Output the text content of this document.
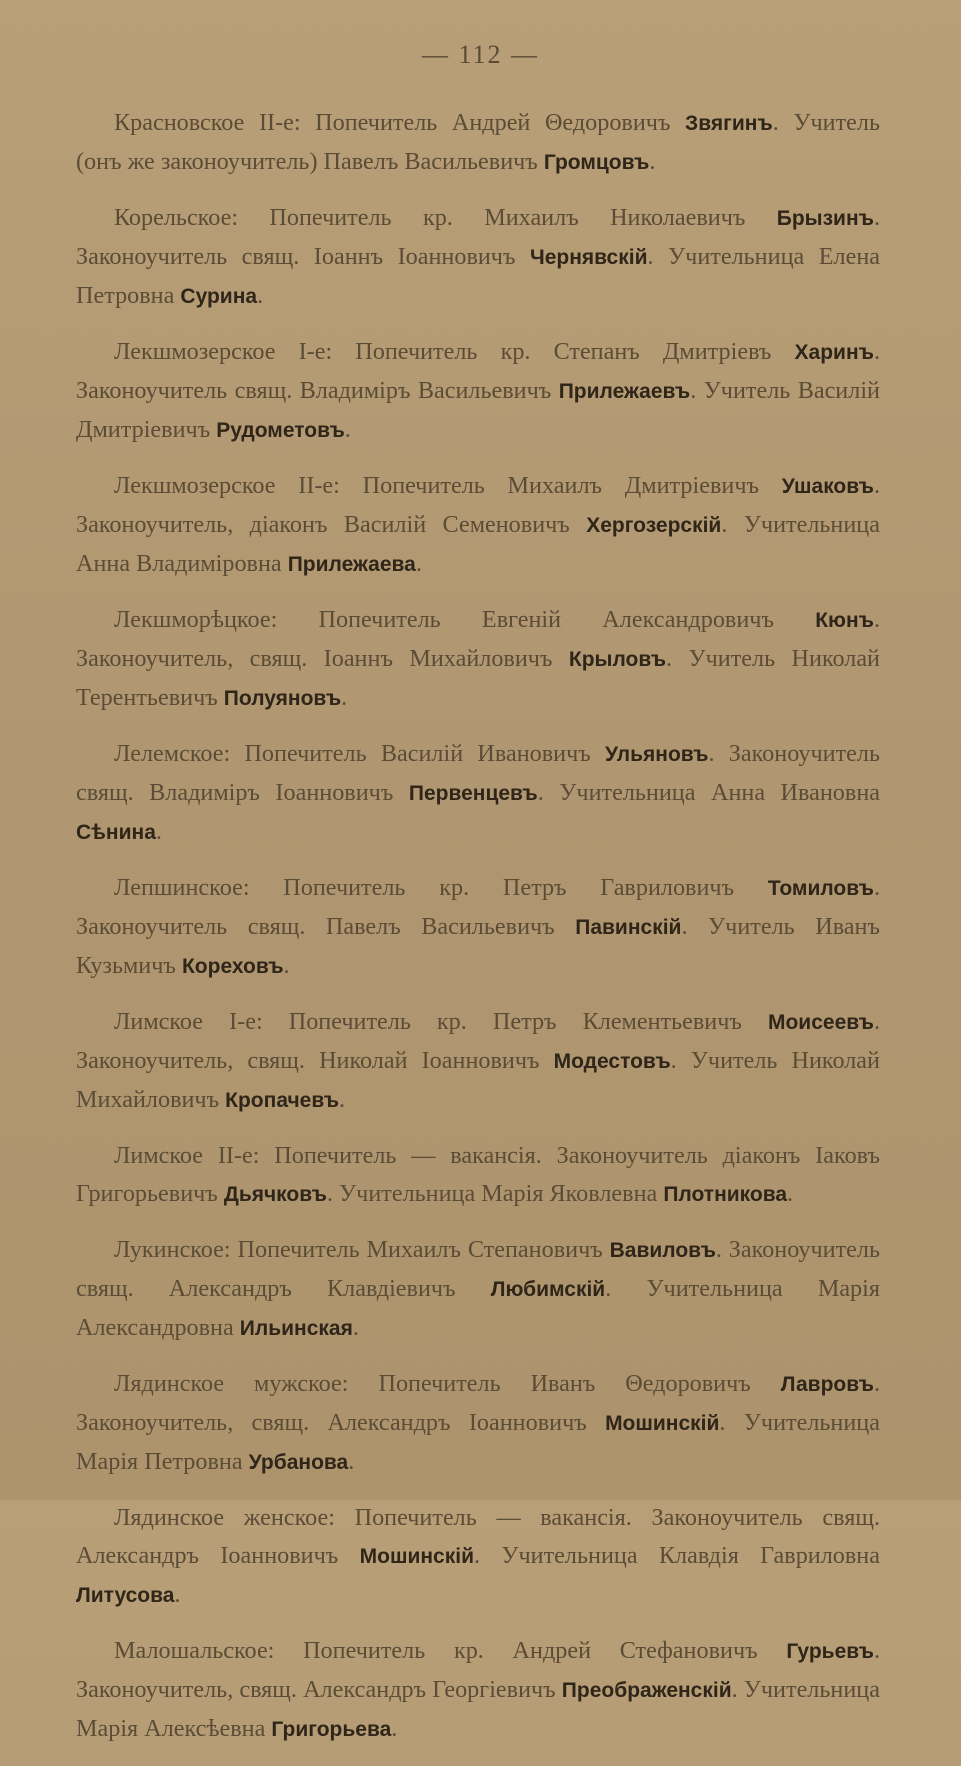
— 112 —

Красновское II-е: Попечитель Андрей Θедоровичъ Звягинъ. Учитель (онъ же законоучитель) Павелъ Васильевичъ Громцовъ.

Корельское: Попечитель кр. Михаилъ Николаевичъ Брызинъ. Законоучитель свящ. Іоаннъ Іоанновичъ Чернявскій. Учительница Елена Петровна Сурина.

Лекшмозерское I-е: Попечитель кр. Степанъ Дмитріевъ Харинъ. Законоучитель свящ. Владиміръ Васильевичъ Прилежаевъ. Учитель Василій Дмитріевичъ Рудометовъ.

Лекшмозерское II-е: Попечитель Михаилъ Дмитріевичъ Ушаковъ. Законоучитель, діаконъ Василій Семеновичъ Хергозерскій. Учительница Анна Владиміровна Прилежаева.

Лекшморѣцкое: Попечитель Евгеній Александровичъ Кюнъ. Законоучитель, свящ. Іоаннъ Михайловичъ Крыловъ. Учитель Николай Терентьевичъ Полуяновъ.

Лелемское: Попечитель Василій Ивановичъ Ульяновъ. Законоучитель свящ. Владиміръ Іоанновичъ Первенцевъ. Учительница Анна Ивановна Сѣнина.

Лепшинское: Попечитель кр. Петръ Гавриловичъ Томиловъ. Законоучитель свящ. Павелъ Васильевичъ Павинскій. Учитель Иванъ Кузьмичъ Кореховъ.

Лимское I-е: Попечитель кр. Петръ Клементьевичъ Моисеевъ. Законоучитель, свящ. Николай Іоанновичъ Модестовъ. Учитель Николай Михайловичъ Кропачевъ.

Лимское II-е: Попечитель — вакансія. Законоучитель діаконъ Іаковъ Григорьевичъ Дьячковъ. Учительница Марія Яковлевна Плотникова.

Лукинское: Попечитель Михаилъ Степановичъ Вавиловъ. Законоучитель свящ. Александръ Клавдіевичъ Любимскій. Учительница Марія Александровна Ильинская.

Лядинское мужское: Попечитель Иванъ Θедоровичъ Лавровъ. Законоучитель, свящ. Александръ Іоанновичъ Мошинскій. Учительница Марія Петровна Урбанова.

Лядинское женское: Попечитель — вакансія. Законоучитель свящ. Александръ Іоанновичъ Мошинскій. Учительница Клавдія Гавриловна Литусова.

Малошальское: Попечитель кр. Андрей Стефановичъ Гурьевъ. Законоучитель, свящ. Александръ Георгіевичъ Преображенскій. Учительница Марія Алексѣевна Григорьева.
